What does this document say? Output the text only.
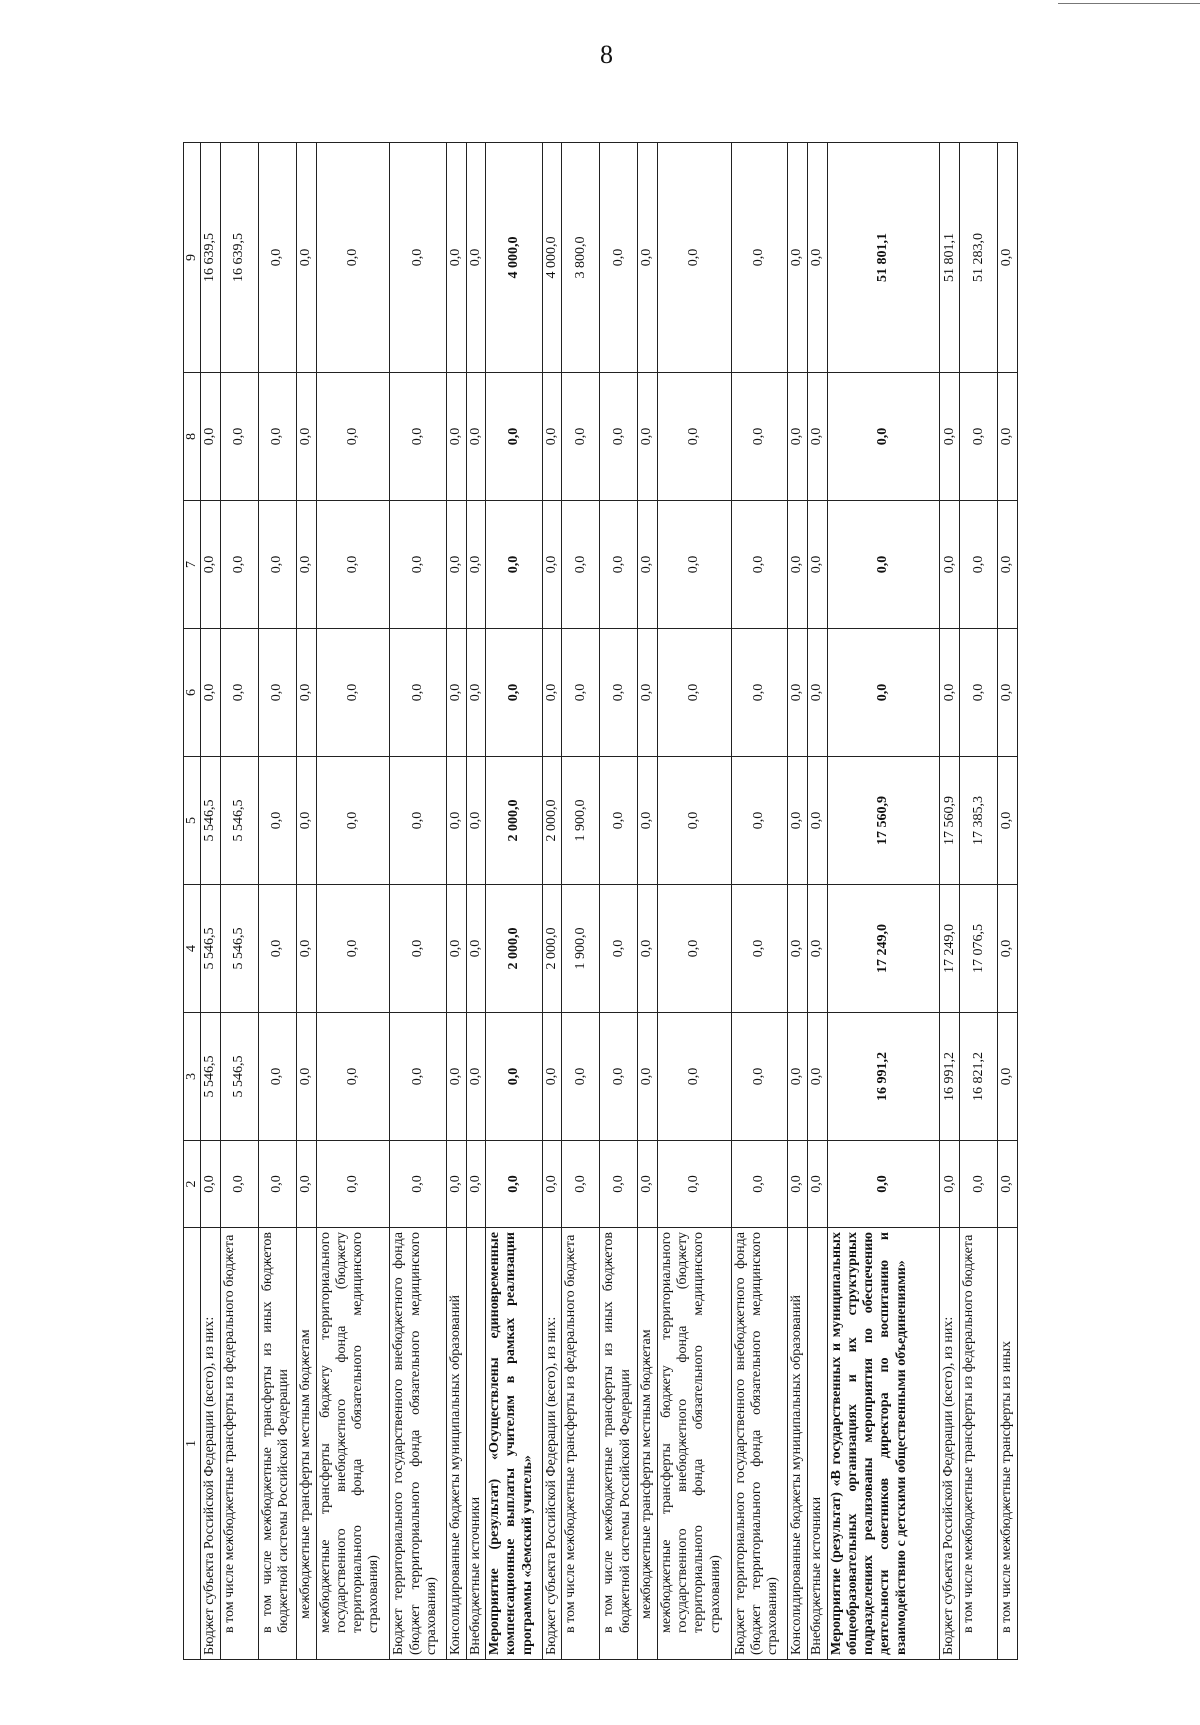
8
1	2	3	4	5	6	7	8	9
Бюджет субъекта Российской Федерации (всего), из них:	0,0	5 546,5	5 546,5	5 546,5	0,0	0,0	0,0	16 639,5
в том числе межбюджетные трансферты из федерального бюджета	0,0	5 546,5	5 546,5	5 546,5	0,0	0,0	0,0	16 639,5
в том числе межбюджетные трансферты из иных бюджетов бюджетной системы Российской Федерации	0,0	0,0	0,0	0,0	0,0	0,0	0,0	0,0
межбюджетные трансферты местным бюджетам	0,0	0,0	0,0	0,0	0,0	0,0	0,0	0,0
межбюджетные трансферты бюджету территориального государственного внебюджетного фонда (бюджету территориального фонда обязательного медицинского страхования)	0,0	0,0	0,0	0,0	0,0	0,0	0,0	0,0
Бюджет территориального государственного внебюджетного фонда (бюджет территориального фонда обязательного медицинского страхования)	0,0	0,0	0,0	0,0	0,0	0,0	0,0	0,0
Консолидированные бюджеты муниципальных образований	0,0	0,0	0,0	0,0	0,0	0,0	0,0	0,0
Внебюджетные источники	0,0	0,0	0,0	0,0	0,0	0,0	0,0	0,0
Мероприятие (результат) «Осуществлены единовременные компенсационные выплаты учителям в рамках реализации программы «Земский учитель»	0,0	0,0	2 000,0	2 000,0	0,0	0,0	0,0	4 000,0
Бюджет субъекта Российской Федерации (всего), из них:	0,0	0,0	2 000,0	2 000,0	0,0	0,0	0,0	4 000,0
в том числе межбюджетные трансферты из федерального бюджета	0,0	0,0	1 900,0	1 900,0	0,0	0,0	0,0	3 800,0
в том числе межбюджетные трансферты из иных бюджетов бюджетной системы Российской Федерации	0,0	0,0	0,0	0,0	0,0	0,0	0,0	0,0
межбюджетные трансферты местным бюджетам	0,0	0,0	0,0	0,0	0,0	0,0	0,0	0,0
межбюджетные трансферты бюджету территориального государственного внебюджетного фонда (бюджету территориального фонда обязательного медицинского страхования)	0,0	0,0	0,0	0,0	0,0	0,0	0,0	0,0
Бюджет территориального государственного внебюджетного фонда (бюджет территориального фонда обязательного медицинского страхования)	0,0	0,0	0,0	0,0	0,0	0,0	0,0	0,0
Консолидированные бюджеты муниципальных образований	0,0	0,0	0,0	0,0	0,0	0,0	0,0	0,0
Внебюджетные источники	0,0	0,0	0,0	0,0	0,0	0,0	0,0	0,0
Мероприятие (результат) «В государственных и муниципальных общеобразовательных организациях и их структурных подразделениях реализованы мероприятия по обеспечению деятельности советников директора по воспитанию и взаимодействию с детскими общественными объединениями»	0,0	16 991,2	17 249,0	17 560,9	0,0	0,0	0,0	51 801,1
Бюджет субъекта Российской Федерации (всего), из них:	0,0	16 991,2	17 249,0	17 560,9	0,0	0,0	0,0	51 801,1
в том числе межбюджетные трансферты из федерального бюджета	0,0	16 821,2	17 076,5	17 385,3	0,0	0,0	0,0	51 283,0
в том числе межбюджетные трансферты из иных	0,0	0,0	0,0	0,0	0,0	0,0	0,0	0,0
